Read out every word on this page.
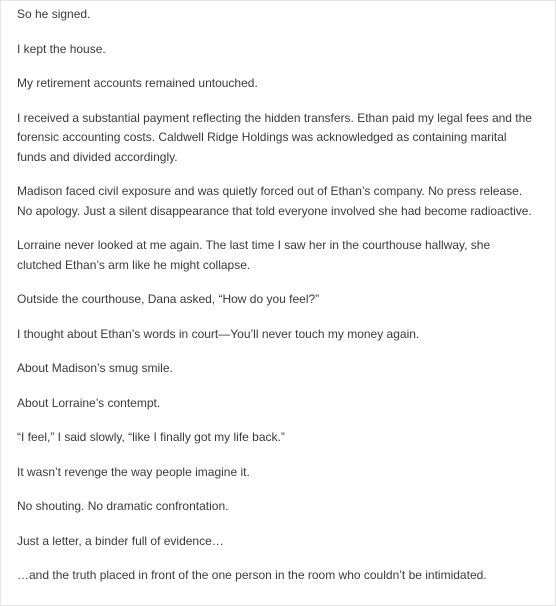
So he signed.

I kept the house.

My retirement accounts remained untouched.

I received a substantial payment reflecting the hidden transfers. Ethan paid my legal fees and the forensic accounting costs. Caldwell Ridge Holdings was acknowledged as containing marital funds and divided accordingly.

Madison faced civil exposure and was quietly forced out of Ethan’s company. No press release. No apology. Just a silent disappearance that told everyone involved she had become radioactive.

Lorraine never looked at me again. The last time I saw her in the courthouse hallway, she clutched Ethan’s arm like he might collapse.

Outside the courthouse, Dana asked, “How do you feel?”

I thought about Ethan’s words in court—You’ll never touch my money again.

About Madison’s smug smile.

About Lorraine’s contempt.

“I feel,” I said slowly, “like I finally got my life back.”

It wasn’t revenge the way people imagine it.

No shouting. No dramatic confrontation.

Just a letter, a binder full of evidence…

…and the truth placed in front of the one person in the room who couldn’t be intimidated.
